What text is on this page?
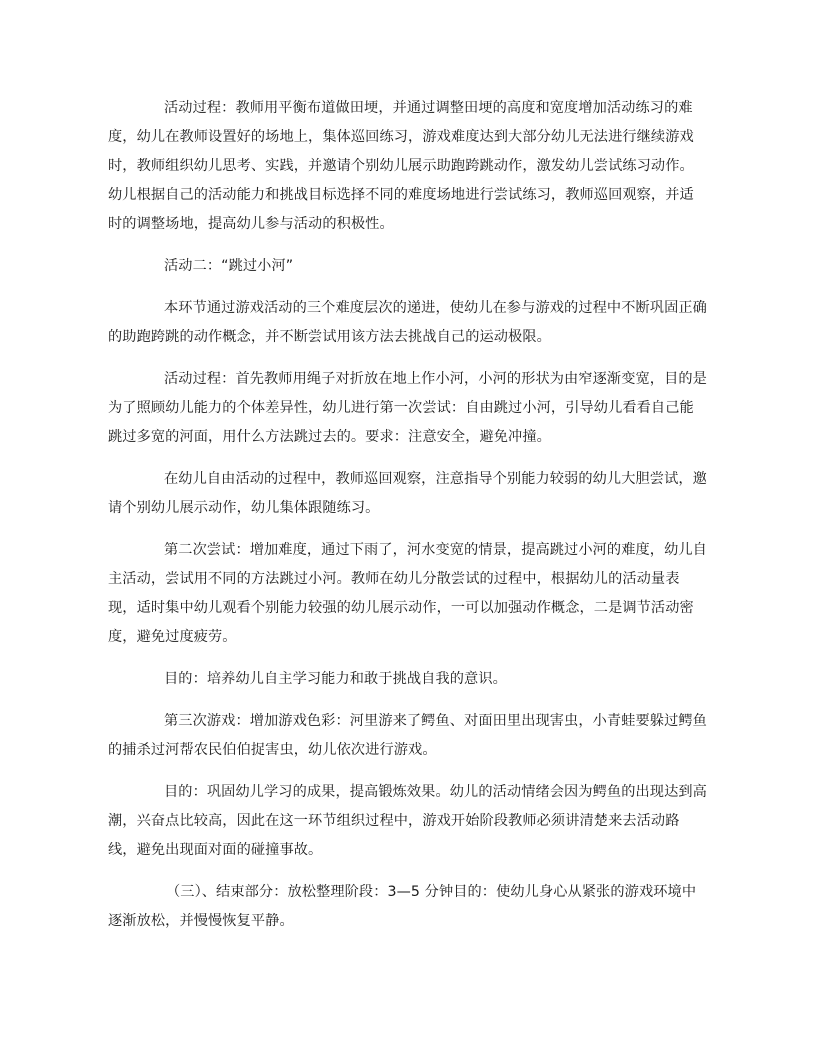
活动过程：教师用平衡布道做田埂，并通过调整田埂的高度和宽度增加活动练习的难度，幼儿在教师设置好的场地上，集体巡回练习，游戏难度达到大部分幼儿无法进行继续游戏时，教师组织幼儿思考、实践，并邀请个别幼儿展示助跑跨跳动作，激发幼儿尝试练习动作。幼儿根据自己的活动能力和挑战目标选择不同的难度场地进行尝试练习，教师巡回观察，并适时的调整场地，提高幼儿参与活动的积极性。

活动二：“跳过小河”

本环节通过游戏活动的三个难度层次的递进，使幼儿在参与游戏的过程中不断巩固正确的助跑跨跳的动作概念，并不断尝试用该方法去挑战自己的运动极限。

活动过程：首先教师用绳子对折放在地上作小河，小河的形状为由窄逐渐变宽，目的是为了照顾幼儿能力的个体差异性，幼儿进行第一次尝试：自由跳过小河，引导幼儿看看自己能跳过多宽的河面，用什么方法跳过去的。要求：注意安全，避免冲撞。

在幼儿自由活动的过程中，教师巡回观察，注意指导个别能力较弱的幼儿大胆尝试，邀请个别幼儿展示动作，幼儿集体跟随练习。

第二次尝试：增加难度，通过下雨了，河水变宽的情景，提高跳过小河的难度，幼儿自主活动，尝试用不同的方法跳过小河。教师在幼儿分散尝试的过程中，根据幼儿的活动量表现，适时集中幼儿观看个别能力较强的幼儿展示动作，一可以加强动作概念，二是调节活动密度，避免过度疲劳。

目的：培养幼儿自主学习能力和敢于挑战自我的意识。

第三次游戏：增加游戏色彩：河里游来了鳄鱼、对面田里出现害虫，小青蛙要躲过鳄鱼的捕杀过河帮农民伯伯捉害虫，幼儿依次进行游戏。

目的：巩固幼儿学习的成果，提高锻炼效果。幼儿的活动情绪会因为鳄鱼的出现达到高潮，兴奋点比较高，因此在这一环节组织过程中，游戏开始阶段教师必须讲清楚来去活动路线，避免出现面对面的碰撞事故。

（三）、结束部分：放松整理阶段：3—5 分钟目的：使幼儿身心从紧张的游戏环境中逐渐放松，并慢慢恢复平静。
